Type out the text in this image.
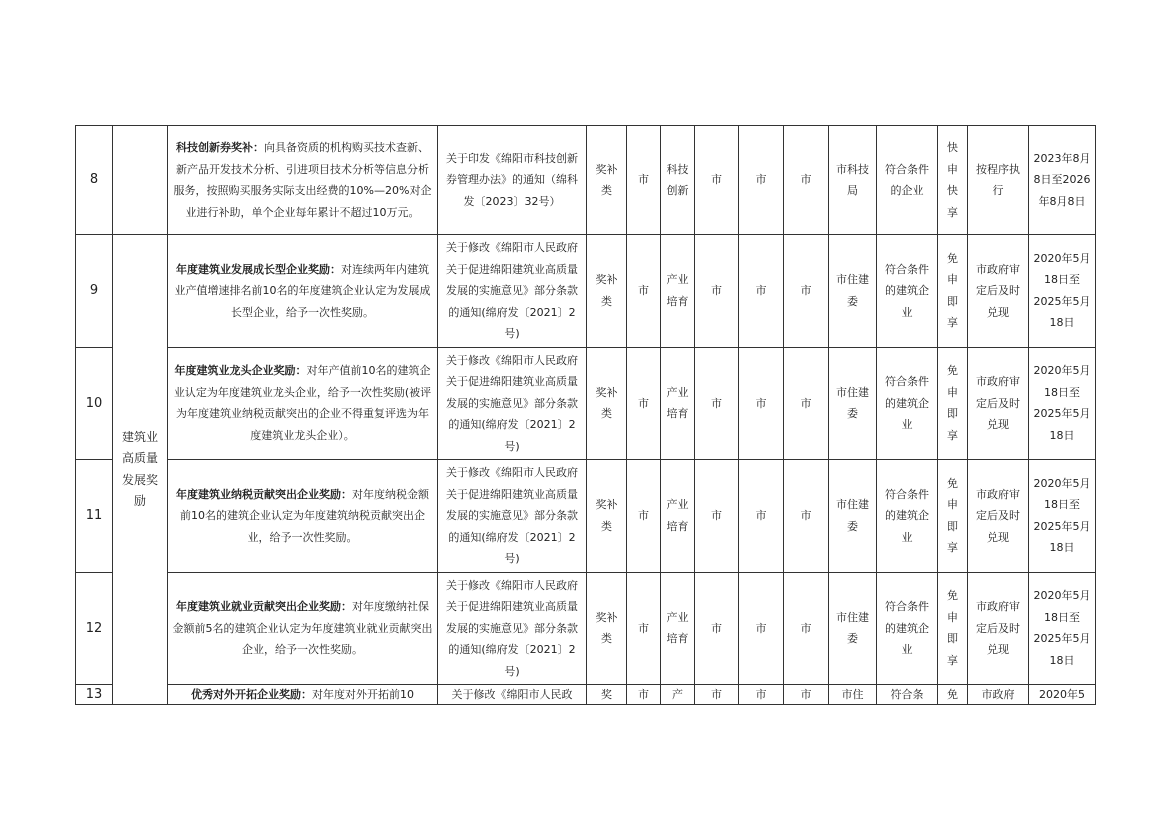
8		科技创新券奖补：向具备资质的机构购买技术查新、新产品开发技术分析、引进项目技术分析等信息分析服务，按照购买服务实际支出经费的10%—20%对企业进行补助，单个企业每年累计不超过10万元。	关于印发《绵阳市科技创新券管理办法》的通知（绵科发〔2023〕32号）	奖补类	市	科技创新	市	市	市	市科技局	符合条件的企业	快申快享	按程序执行	2023年8月8日至2026年8月8日
9	建筑业高质量发展奖励	年度建筑业发展成长型企业奖励：对连续两年内建筑业产值增速排名前10名的年度建筑企业认定为发展成长型企业，给予一次性奖励。	关于修改《绵阳市人民政府关于促进绵阳建筑业高质量发展的实施意见》部分条款的通知(绵府发〔2021〕2号)	奖补类	市	产业培育	市	市	市	市住建委	符合条件的建筑企业	免申即享	市政府审定后及时兑现	2020年5月18日至2025年5月18日
10		年度建筑业龙头企业奖励：对年产值前10名的建筑企业认定为年度建筑业龙头企业，给予一次性奖励(被评为年度建筑业纳税贡献突出的企业不得重复评选为年度建筑业龙头企业）。	关于修改《绵阳市人民政府关于促进绵阳建筑业高质量发展的实施意见》部分条款的通知(绵府发〔2021〕2号)	奖补类	市	产业培育	市	市	市	市住建委	符合条件的建筑企业	免申即享	市政府审定后及时兑现	2020年5月18日至2025年5月18日
11		年度建筑业纳税贡献突出企业奖励：对年度纳税金额前10名的建筑企业认定为年度建筑纳税贡献突出企业，给予一次性奖励。	关于修改《绵阳市人民政府关于促进绵阳建筑业高质量发展的实施意见》部分条款的通知(绵府发〔2021〕2号)	奖补类	市	产业培育	市	市	市	市住建委	符合条件的建筑企业	免申即享	市政府审定后及时兑现	2020年5月18日至2025年5月18日
12		年度建筑业就业贡献突出企业奖励：对年度缴纳社保金额前5名的建筑企业认定为年度建筑业就业贡献突出企业，给予一次性奖励。	关于修改《绵阳市人民政府关于促进绵阳建筑业高质量发展的实施意见》部分条款的通知(绵府发〔2021〕2号)	奖补类	市	产业培育	市	市	市	市住建委	符合条件的建筑企业	免申即享	市政府审定后及时兑现	2020年5月18日至2025年5月18日
13		优秀对外开拓企业奖励：对年度对外开拓前10	关于修改《绵阳市人民政	奖	市	产	市	市	市	市住	符合条	免	市政府	2020年5
